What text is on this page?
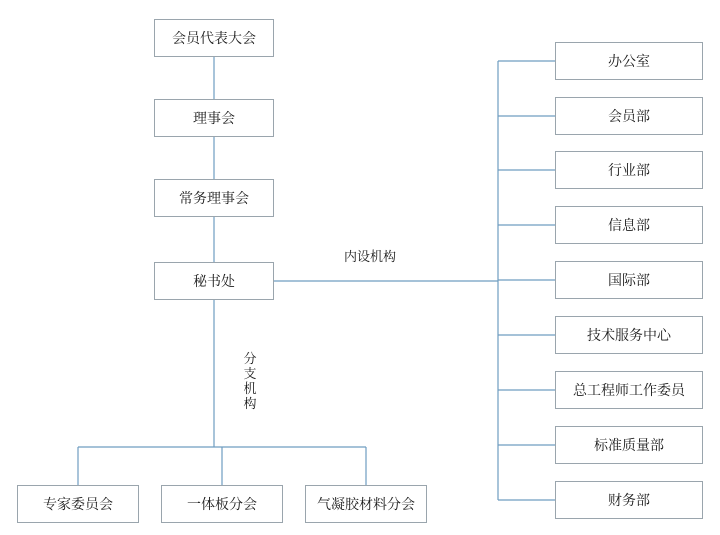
会员代表大会
理事会
常务理事会
秘书处
办公室
会员部
行业部
信息部
国际部
技术服务中心
总工程师工作委员
标准质量部
财务部
专家委员会	一体板分会	气凝胶材料分会
内设机构
分支机构
